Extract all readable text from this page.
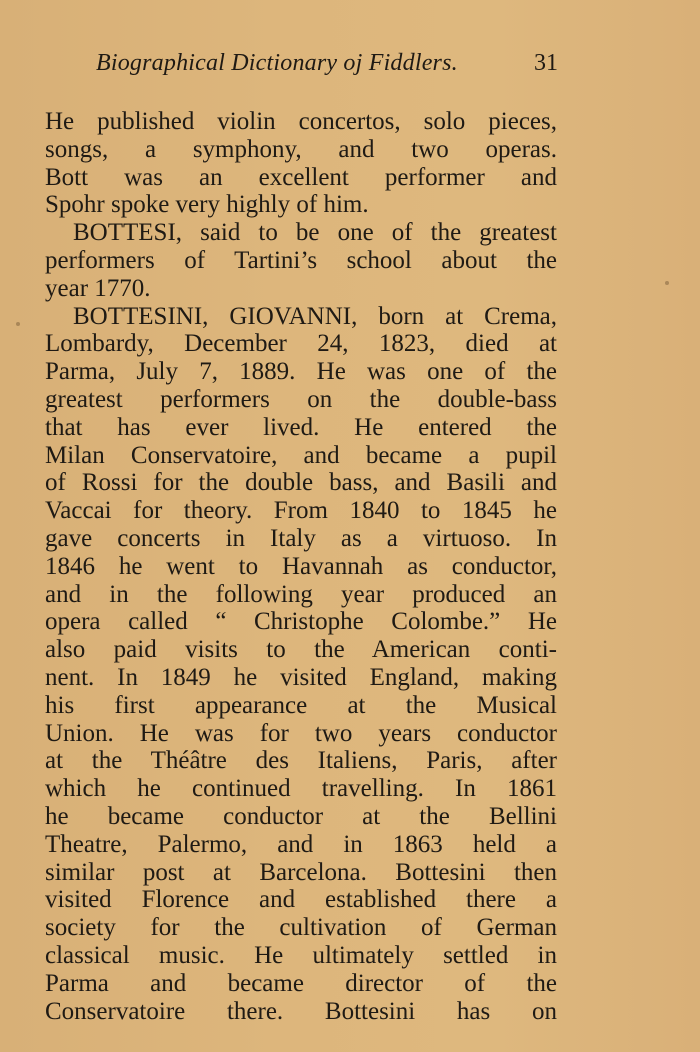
Biographical Dictionary oj Fiddlers.	31
He published violin concertos, solo pieces,
songs, a symphony, and two operas.
Bott was an excellent performer and
Spohr spoke very highly of him.
BOTTESI, said to be one of the greatest
performers of Tartini’s school about the
year 1770.
BOTTESINI, GIOVANNI, born at Crema,
Lombardy, December 24, 1823, died at
Parma, July 7, 1889. He was one of the
greatest performers on the double-bass
that has ever lived. He entered the
Milan Conservatoire, and became a pupil
of Rossi for the double bass, and Basili and
Vaccai for theory. From 1840 to 1845 he
gave concerts in Italy as a virtuoso. In
1846 he went to Havannah as conductor,
and in the following year produced an
opera called “ Christophe Colombe.” He
also paid visits to the American conti-
nent. In 1849 he visited England, making
his first appearance at the Musical
Union. He was for two years conductor
at the Théâtre des Italiens, Paris, after
which he continued travelling. In 1861
he became conductor at the Bellini
Theatre, Palermo, and in 1863 held a
similar post at Barcelona. Bottesini then
visited Florence and established there a
society for the cultivation of German
classical music. He ultimately settled in
Parma and became director of the
Conservatoire there. Bottesini has on
